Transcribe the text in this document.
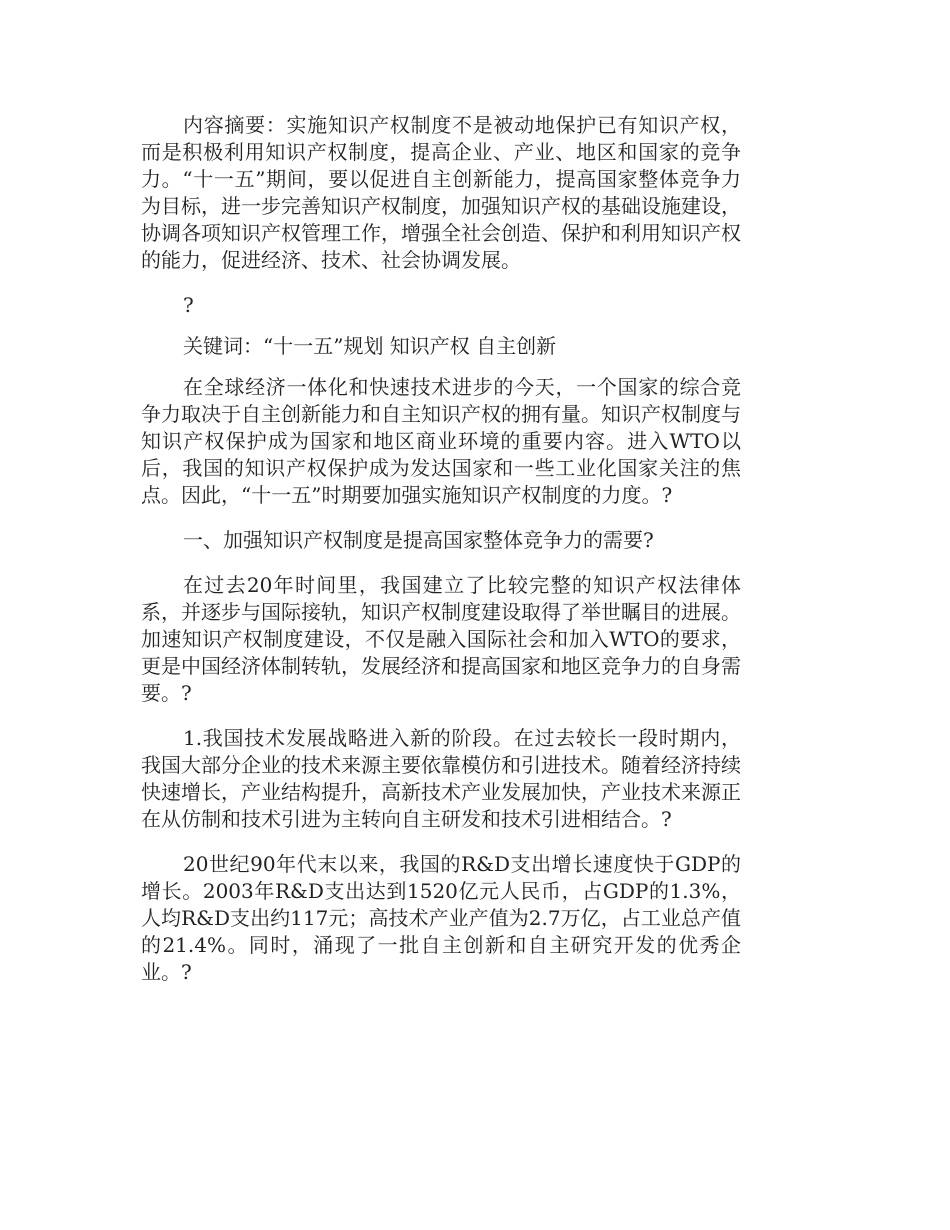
内容摘要：实施知识产权制度不是被动地保护已有知识产权，而是积极利用知识产权制度，提高企业、产业、地区和国家的竞争力。“十一五”期间，要以促进自主创新能力，提高国家整体竞争力为目标，进一步完善知识产权制度，加强知识产权的基础设施建设，协调各项知识产权管理工作，增强全社会创造、保护和利用知识产权的能力，促进经济、技术、社会协调发展。

?

关键词：“十一五”规划 知识产权 自主创新

在全球经济一体化和快速技术进步的今天，一个国家的综合竞争力取决于自主创新能力和自主知识产权的拥有量。知识产权制度与知识产权保护成为国家和地区商业环境的重要内容。进入WTO以后，我国的知识产权保护成为发达国家和一些工业化国家关注的焦点。因此，“十一五”时期要加强实施知识产权制度的力度。?

一、加强知识产权制度是提高国家整体竞争力的需要?

在过去20年时间里，我国建立了比较完整的知识产权法律体系，并逐步与国际接轨，知识产权制度建设取得了举世瞩目的进展。加速知识产权制度建设，不仅是融入国际社会和加入WTO的要求，更是中国经济体制转轨，发展经济和提高国家和地区竞争力的自身需要。?

1.我国技术发展战略进入新的阶段。在过去较长一段时期内，我国大部分企业的技术来源主要依靠模仿和引进技术。随着经济持续快速增长，产业结构提升，高新技术产业发展加快，产业技术来源正在从仿制和技术引进为主转向自主研发和技术引进相结合。?

20世纪90年代末以来，我国的R&D支出增长速度快于GDP的增长。2003年R&D支出达到1520亿元人民币，占GDP的1.3%，人均R&D支出约117元；高技术产业产值为2.7万亿，占工业总产值的21.4%。同时，涌现了一批自主创新和自主研究开发的优秀企业。?
